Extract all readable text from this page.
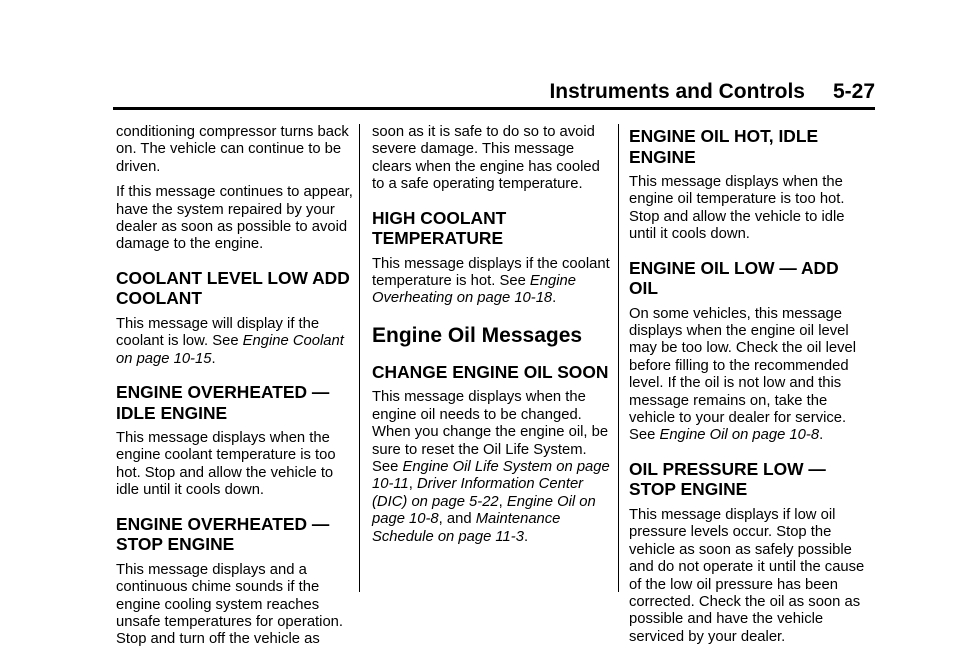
Instruments and Controls 5-27

conditioning compressor turns back on. The vehicle can continue to be driven.

If this message continues to appear, have the system repaired by your dealer as soon as possible to avoid damage to the engine.

COOLANT LEVEL LOW ADD COOLANT

This message will display if the coolant is low. See Engine Coolant on page 10-15.

ENGINE OVERHEATED — IDLE ENGINE

This message displays when the engine coolant temperature is too hot. Stop and allow the vehicle to idle until it cools down.

ENGINE OVERHEATED — STOP ENGINE

This message displays and a continuous chime sounds if the engine cooling system reaches unsafe temperatures for operation. Stop and turn off the vehicle as

soon as it is safe to do so to avoid severe damage. This message clears when the engine has cooled to a safe operating temperature.

HIGH COOLANT TEMPERATURE

This message displays if the coolant temperature is hot. See Engine Overheating on page 10-18.

Engine Oil Messages
CHANGE ENGINE OIL SOON

This message displays when the engine oil needs to be changed. When you change the engine oil, be sure to reset the Oil Life System. See Engine Oil Life System on page 10-11, Driver Information Center (DIC) on page 5-22, Engine Oil on page 10-8, and Maintenance Schedule on page 11-3.

ENGINE OIL HOT, IDLE ENGINE

This message displays when the engine oil temperature is too hot. Stop and allow the vehicle to idle until it cools down.

ENGINE OIL LOW — ADD OIL

On some vehicles, this message displays when the engine oil level may be too low. Check the oil level before filling to the recommended level. If the oil is not low and this message remains on, take the vehicle to your dealer for service. See Engine Oil on page 10-8.

OIL PRESSURE LOW — STOP ENGINE

This message displays if low oil pressure levels occur. Stop the vehicle as soon as safely possible and do not operate it until the cause of the low oil pressure has been corrected. Check the oil as soon as possible and have the vehicle serviced by your dealer.
